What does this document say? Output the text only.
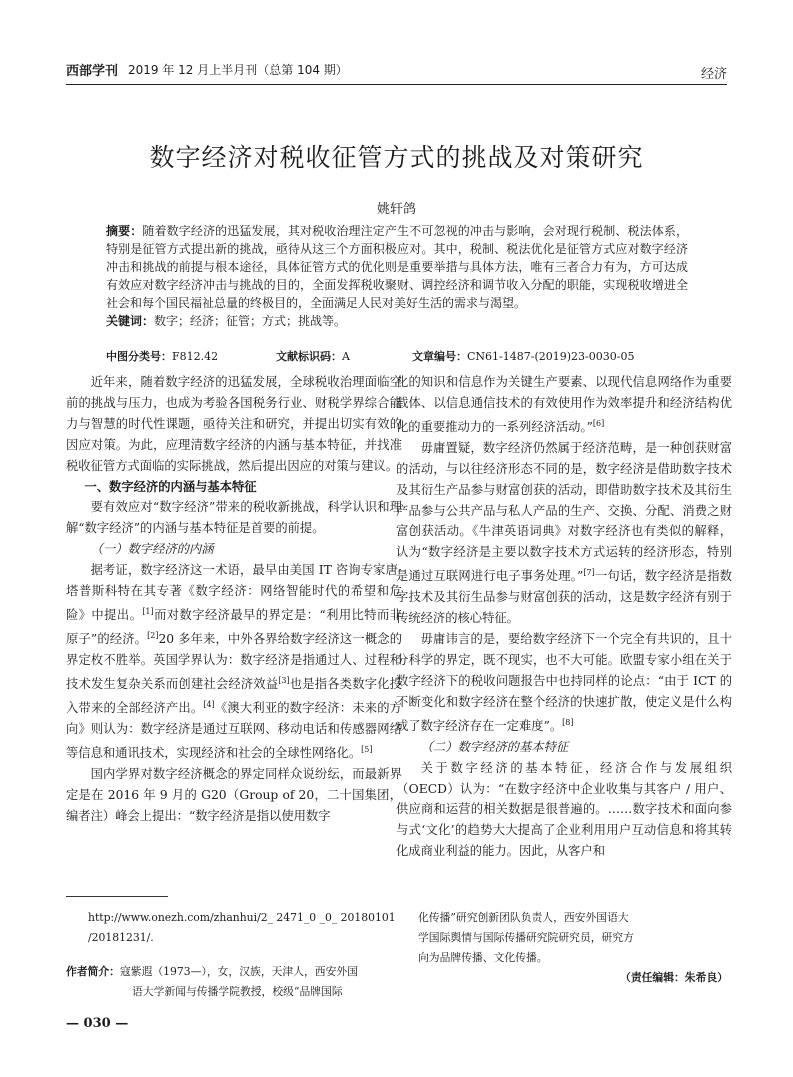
西部学刊 2019 年 12 月上半月刊（总第 104 期）	经济
数字经济对税收征管方式的挑战及对策研究
姚轩鸽
摘要：随着数字经济的迅猛发展，其对税收治理注定产生不可忽视的冲击与影响，会对现行税制、税法体系，特别是征管方式提出新的挑战，亟待从这三个方面积极应对。其中，税制、税法优化是征管方式应对数字经济冲击和挑战的前提与根本途径，具体征管方式的优化则是重要举措与具体方法，唯有三者合力有为，方可达成有效应对数字经济冲击与挑战的目的，全面发挥税收聚财、调控经济和调节收入分配的职能，实现税收增进全社会和每个国民福祉总量的终极目的，全面满足人民对美好生活的需求与渴望。
关键词：数字；经济；征管；方式；挑战等。
中图分类号：F812.42	文献标识码：A	文章编号：CN61-1487-(2019)23-0030-05

近年来，随着数字经济的迅猛发展，全球税收治理面临空前的挑战与压力，也成为考验各国税务行业、财税学界综合能力与智慧的时代性课题，亟待关注和研究，并提出切实有效的因应对策。为此，应理清数字经济的内涵与基本特征，并找准税收征管方式面临的实际挑战，然后提出因应的对策与建议。

一、数字经济的内涵与基本特征

要有效应对“数字经济”带来的税收新挑战，科学认识和理解“数字经济”的内涵与基本特征是首要的前提。

（一）数字经济的内涵

据考证，数字经济这一术语，最早由美国 IT 咨询专家唐·塔普斯科特在其专著《数字经济：网络智能时代的希望和危险》中提出。[1]而对数字经济最早的界定是：“利用比特而非原子”的经济。[2]20 多年来，中外各界给数字经济这一概念的界定枚不胜举。英国学界认为：数字经济是指通过人、过程和技术发生复杂关系而创建社会经济效益[3]也是指各类数字化投入带来的全部经济产出。[4]《澳大利亚的数字经济：未来的方向》则认为：数字经济是通过互联网、移动电话和传感器网络等信息和通讯技术，实现经济和社会的全球性网络化。[5]

国内学界对数字经济概念的界定同样众说纷纭，而最新界定是在 2016 年 9 月的 G20（Group of 20，二十国集团，编者注）峰会上提出：“数字经济是指以使用数字

化的知识和信息作为关键生产要素、以现代信息网络作为重要载体、以信息通信技术的有效使用作为效率提升和经济结构优化的重要推动力的一系列经济活动。”[6]

毋庸置疑，数字经济仍然属于经济范畴，是一种创获财富的活动，与以往经济形态不同的是，数字经济是借助数字技术及其衍生产品参与财富创获的活动，即借助数字技术及其衍生产品参与公共产品与私人产品的生产、交换、分配、消费之财富创获活动。《牛津英语词典》对数字经济也有类似的解释，认为“数字经济是主要以数字技术方式运转的经济形态，特别是通过互联网进行电子事务处理。”[7]一句话，数字经济是指数字技术及其衍生品参与财富创获的活动，这是数字经济有别于传统经济的核心特征。

毋庸讳言的是，要给数字经济下一个完全有共识的，且十分科学的界定，既不现实，也不大可能。欧盟专家小组在关于数字经济下的税收问题报告中也持同样的论点：“由于 ICT 的不断变化和数字经济在整个经济的快速扩散，使定义是什么构成了数字经济存在一定难度”。[8]

（二）数字经济的基本特征

关于数字经济的基本特征，经济合作与发展组织（OECD）认为：“在数字经济中企业收集与其客户 / 用户、供应商和运营的相关数据是很普遍的。……数字技术和面向参与式‘文化’的趋势大大提高了企业利用用户互动信息和将其转化成商业利益的能力。因此，从客户和

http://www.onezh.com/zhanhui/2_ 2471_0 _0_ 20180101
/20181231/.
作者简介：寇紫遐（1973—），女，汉族，天津人，西安外国
语大学新闻与传播学院教授，校级“品牌国际
化传播”研究创新团队负责人，西安外国语大
学国际舆情与国际传播研究院研究员，研究方
向为品牌传播、文化传播。
（责任编辑：朱希良）
— 030 —
